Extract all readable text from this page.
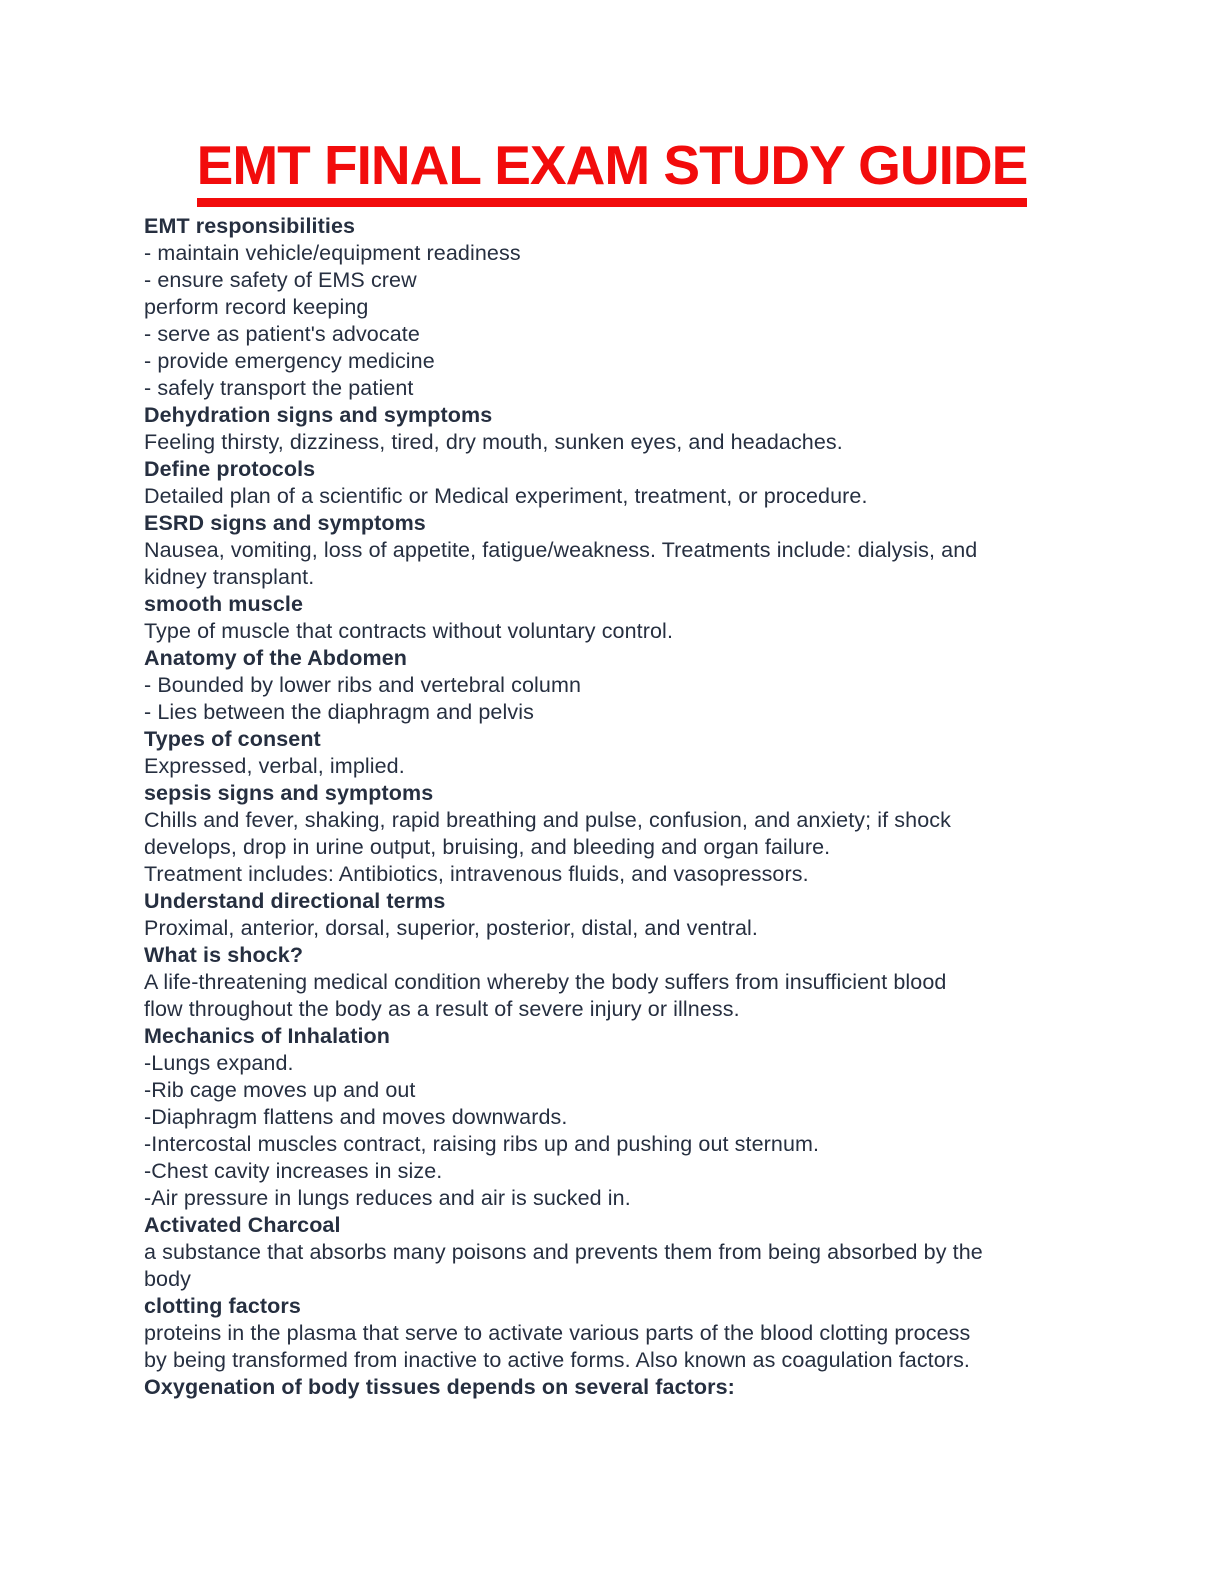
EMT FINAL EXAM STUDY GUIDE
EMT responsibilities
- maintain vehicle/equipment readiness
- ensure safety of EMS crew
perform record keeping
- serve as patient's advocate
- provide emergency medicine
- safely transport the patient
Dehydration signs and symptoms
Feeling thirsty, dizziness, tired, dry mouth, sunken eyes, and headaches.
Define protocols
Detailed plan of a scientific or Medical experiment, treatment, or procedure.
ESRD signs and symptoms
Nausea, vomiting, loss of appetite, fatigue/weakness. Treatments include: dialysis, and
kidney transplant.
smooth muscle
Type of muscle that contracts without voluntary control.
Anatomy of the Abdomen
- Bounded by lower ribs and vertebral column
- Lies between the diaphragm and pelvis
Types of consent
Expressed, verbal, implied.
sepsis signs and symptoms
Chills and fever, shaking, rapid breathing and pulse, confusion, and anxiety; if shock
develops, drop in urine output, bruising, and bleeding and organ failure.
Treatment includes: Antibiotics, intravenous fluids, and vasopressors.
Understand directional terms
Proximal, anterior, dorsal, superior, posterior, distal, and ventral.
What is shock?
A life-threatening medical condition whereby the body suffers from insufficient blood
flow throughout the body as a result of severe injury or illness.
Mechanics of Inhalation
-Lungs expand.
-Rib cage moves up and out
-Diaphragm flattens and moves downwards.
-Intercostal muscles contract, raising ribs up and pushing out sternum.
-Chest cavity increases in size.
-Air pressure in lungs reduces and air is sucked in.
Activated Charcoal
a substance that absorbs many poisons and prevents them from being absorbed by the
body
clotting factors
proteins in the plasma that serve to activate various parts of the blood clotting process
by being transformed from inactive to active forms. Also known as coagulation factors.
Oxygenation of body tissues depends on several factors:
